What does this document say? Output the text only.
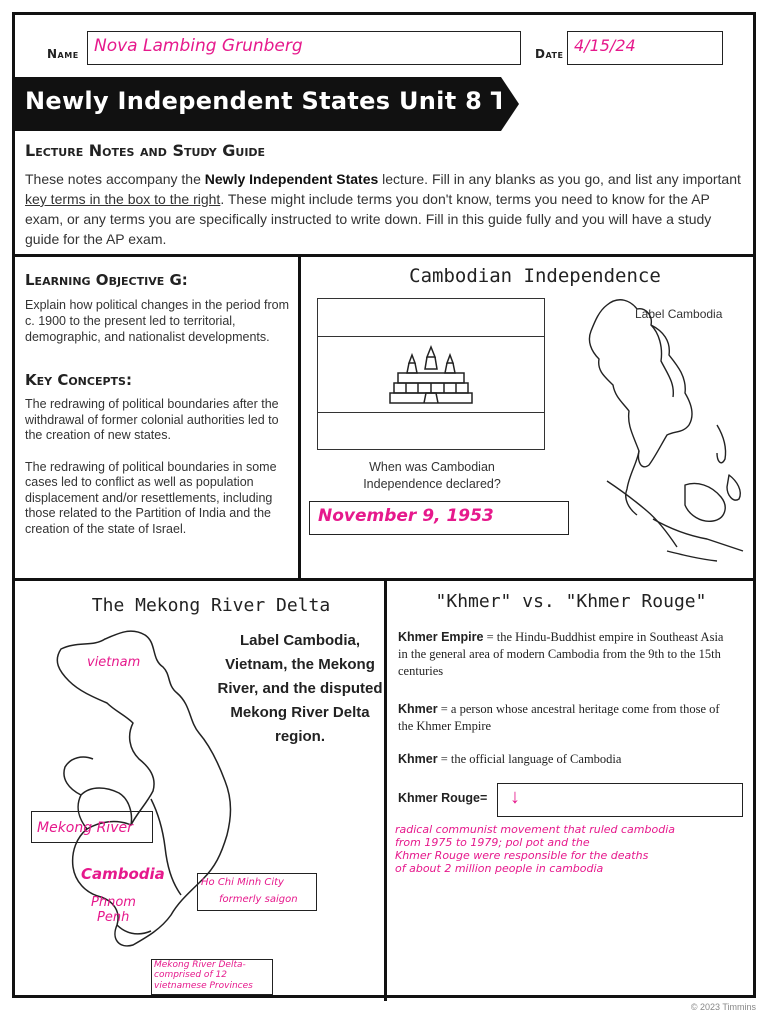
Name Nova Lambing Grunberg	Date 4/15/24
Newly Independent States Unit 8 Topic 6
Lecture Notes and Study Guide
These notes accompany the Newly Independent States lecture. Fill in any blanks as you go, and list any important key terms in the box to the right. These might include terms you don't know, terms you need to know for the AP exam, or any terms you are specifically instructed to write down. Fill in this guide fully and you will have a study guide for the AP exam.
Learning Objective G:
Explain how political changes in the period from c. 1900 to the present led to territorial, demographic, and nationalist developments.
Key Concepts:

The redrawing of political boundaries after the withdrawal of former colonial authorities led to the creation of new states.

The redrawing of political boundaries in some cases led to conflict as well as population displacement and/or resettlements, including those related to the Partition of India and the creation of the state of Israel.

Cambodian Independence
Label Cambodia
When was Cambodian Independence declared?
November 9, 1953
The Mekong River Delta
Label Cambodia, Vietnam, the Mekong River, and the disputed Mekong River Delta region.
vietnam
Mekong River
Cambodia
Phnom
Penh
Ho Chi Minh City
formerly saigon
Mekong River Delta-
comprised of 12
vietnamese Provinces
"Khmer" vs. "Khmer Rouge"
Khmer Empire = the Hindu-Buddhist empire in Southeast Asia in the general area of modern Cambodia from the 9th to the 15th centuries
Khmer = a person whose ancestral heritage come from those of the Khmer Empire
Khmer = the official language of Cambodia
Khmer Rouge= ↓
radical communist movement that ruled cambodia
from 1975 to 1979; pol pot and the
Khmer Rouge were responsible for the deaths
of about 2 million people in cambodia
© 2023 Timmins
